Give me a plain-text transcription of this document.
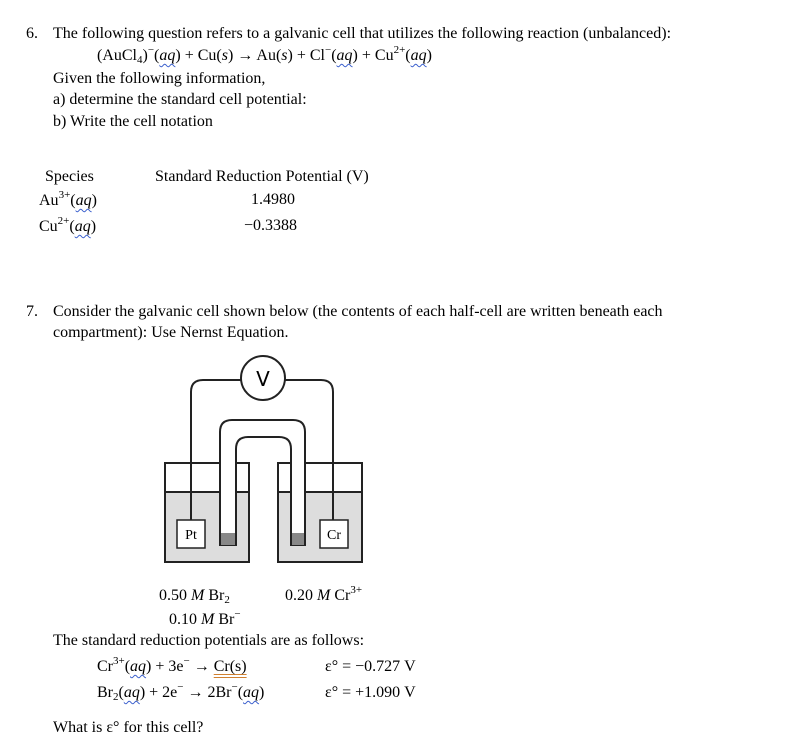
6. The following question refers to a galvanic cell that utilizes the following reaction (unbalanced):
(AuCl$_4$)−(aq) + $Cu(s) \to Au(s) + Cl^-(aq) + Cu^{2+}(aq)$
Given the following information,
a) determine the standard cell potential:
b) Write the cell notation
Species	Standard Reduction Potential (V)
$Au^{3+}(aq)$	1.4980
$Cu^{2+}(aq)$	−0.3388
7. Consider the galvanic cell shown below (the contents of each half-cell are written beneath each
compartment): Use Nernst Equation.
V
Pt	Cr
0.50 M $Br_2$	0.20 M $Cr^{3+}$
0.10 M Br−
The standard reduction potentials are as follows:
$Cr^{3+}(aq) + 3e^- \to Cr(s)$	ε° = −0.727 V
$Br_2(aq) + 2e^- \to 2Br^-(aq)$	ε° = +1.090 V
What is ε° for this cell?
